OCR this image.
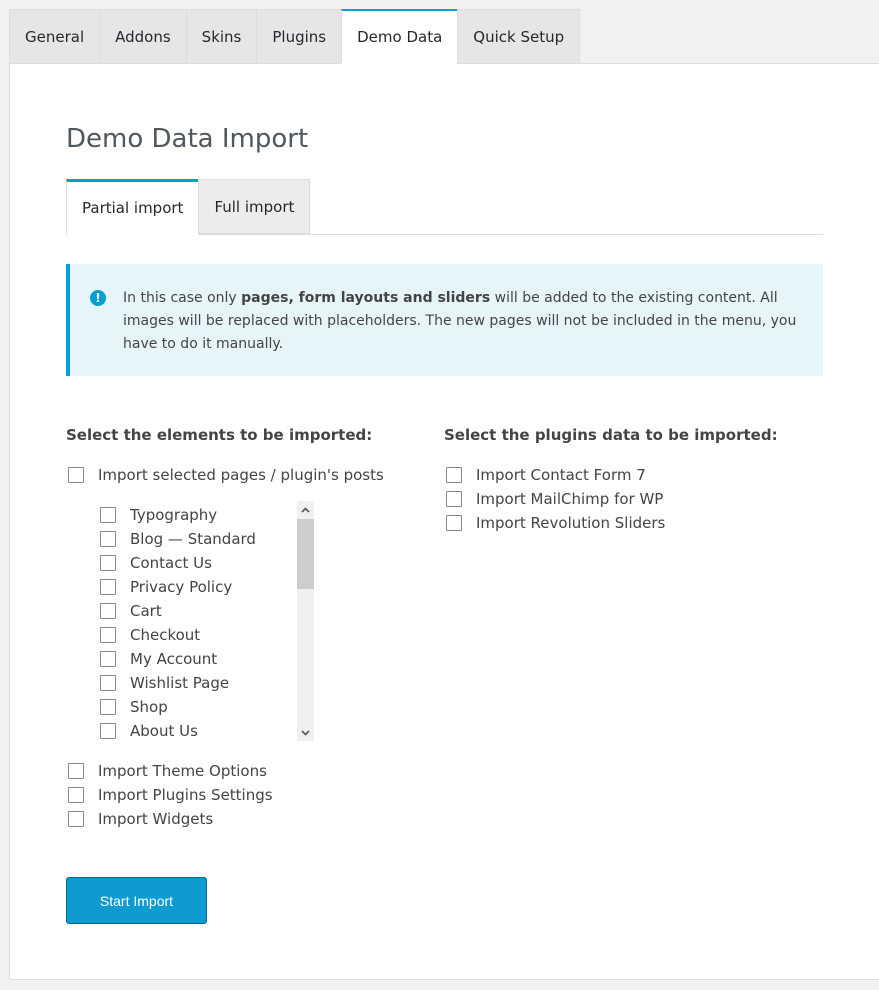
General	Addons	Skins	Plugins	Demo Data	Quick Setup
Demo Data Import
Partial import	Full import
!	In this case only pages, form layouts and sliders will be added to the existing content. All images will be replaced with placeholders. The new pages will not be included in the menu, you have to do it manually.
Select the elements to be imported:
Import selected pages / plugin's posts
Typography
Blog — Standard
Contact Us
Privacy Policy
Cart
Checkout
My Account
Wishlist Page
Shop
About Us
Import Theme Options
Import Plugins Settings
Import Widgets
Select the plugins data to be imported:
Import Contact Form 7
Import MailChimp for WP
Import Revolution Sliders
Start Import
